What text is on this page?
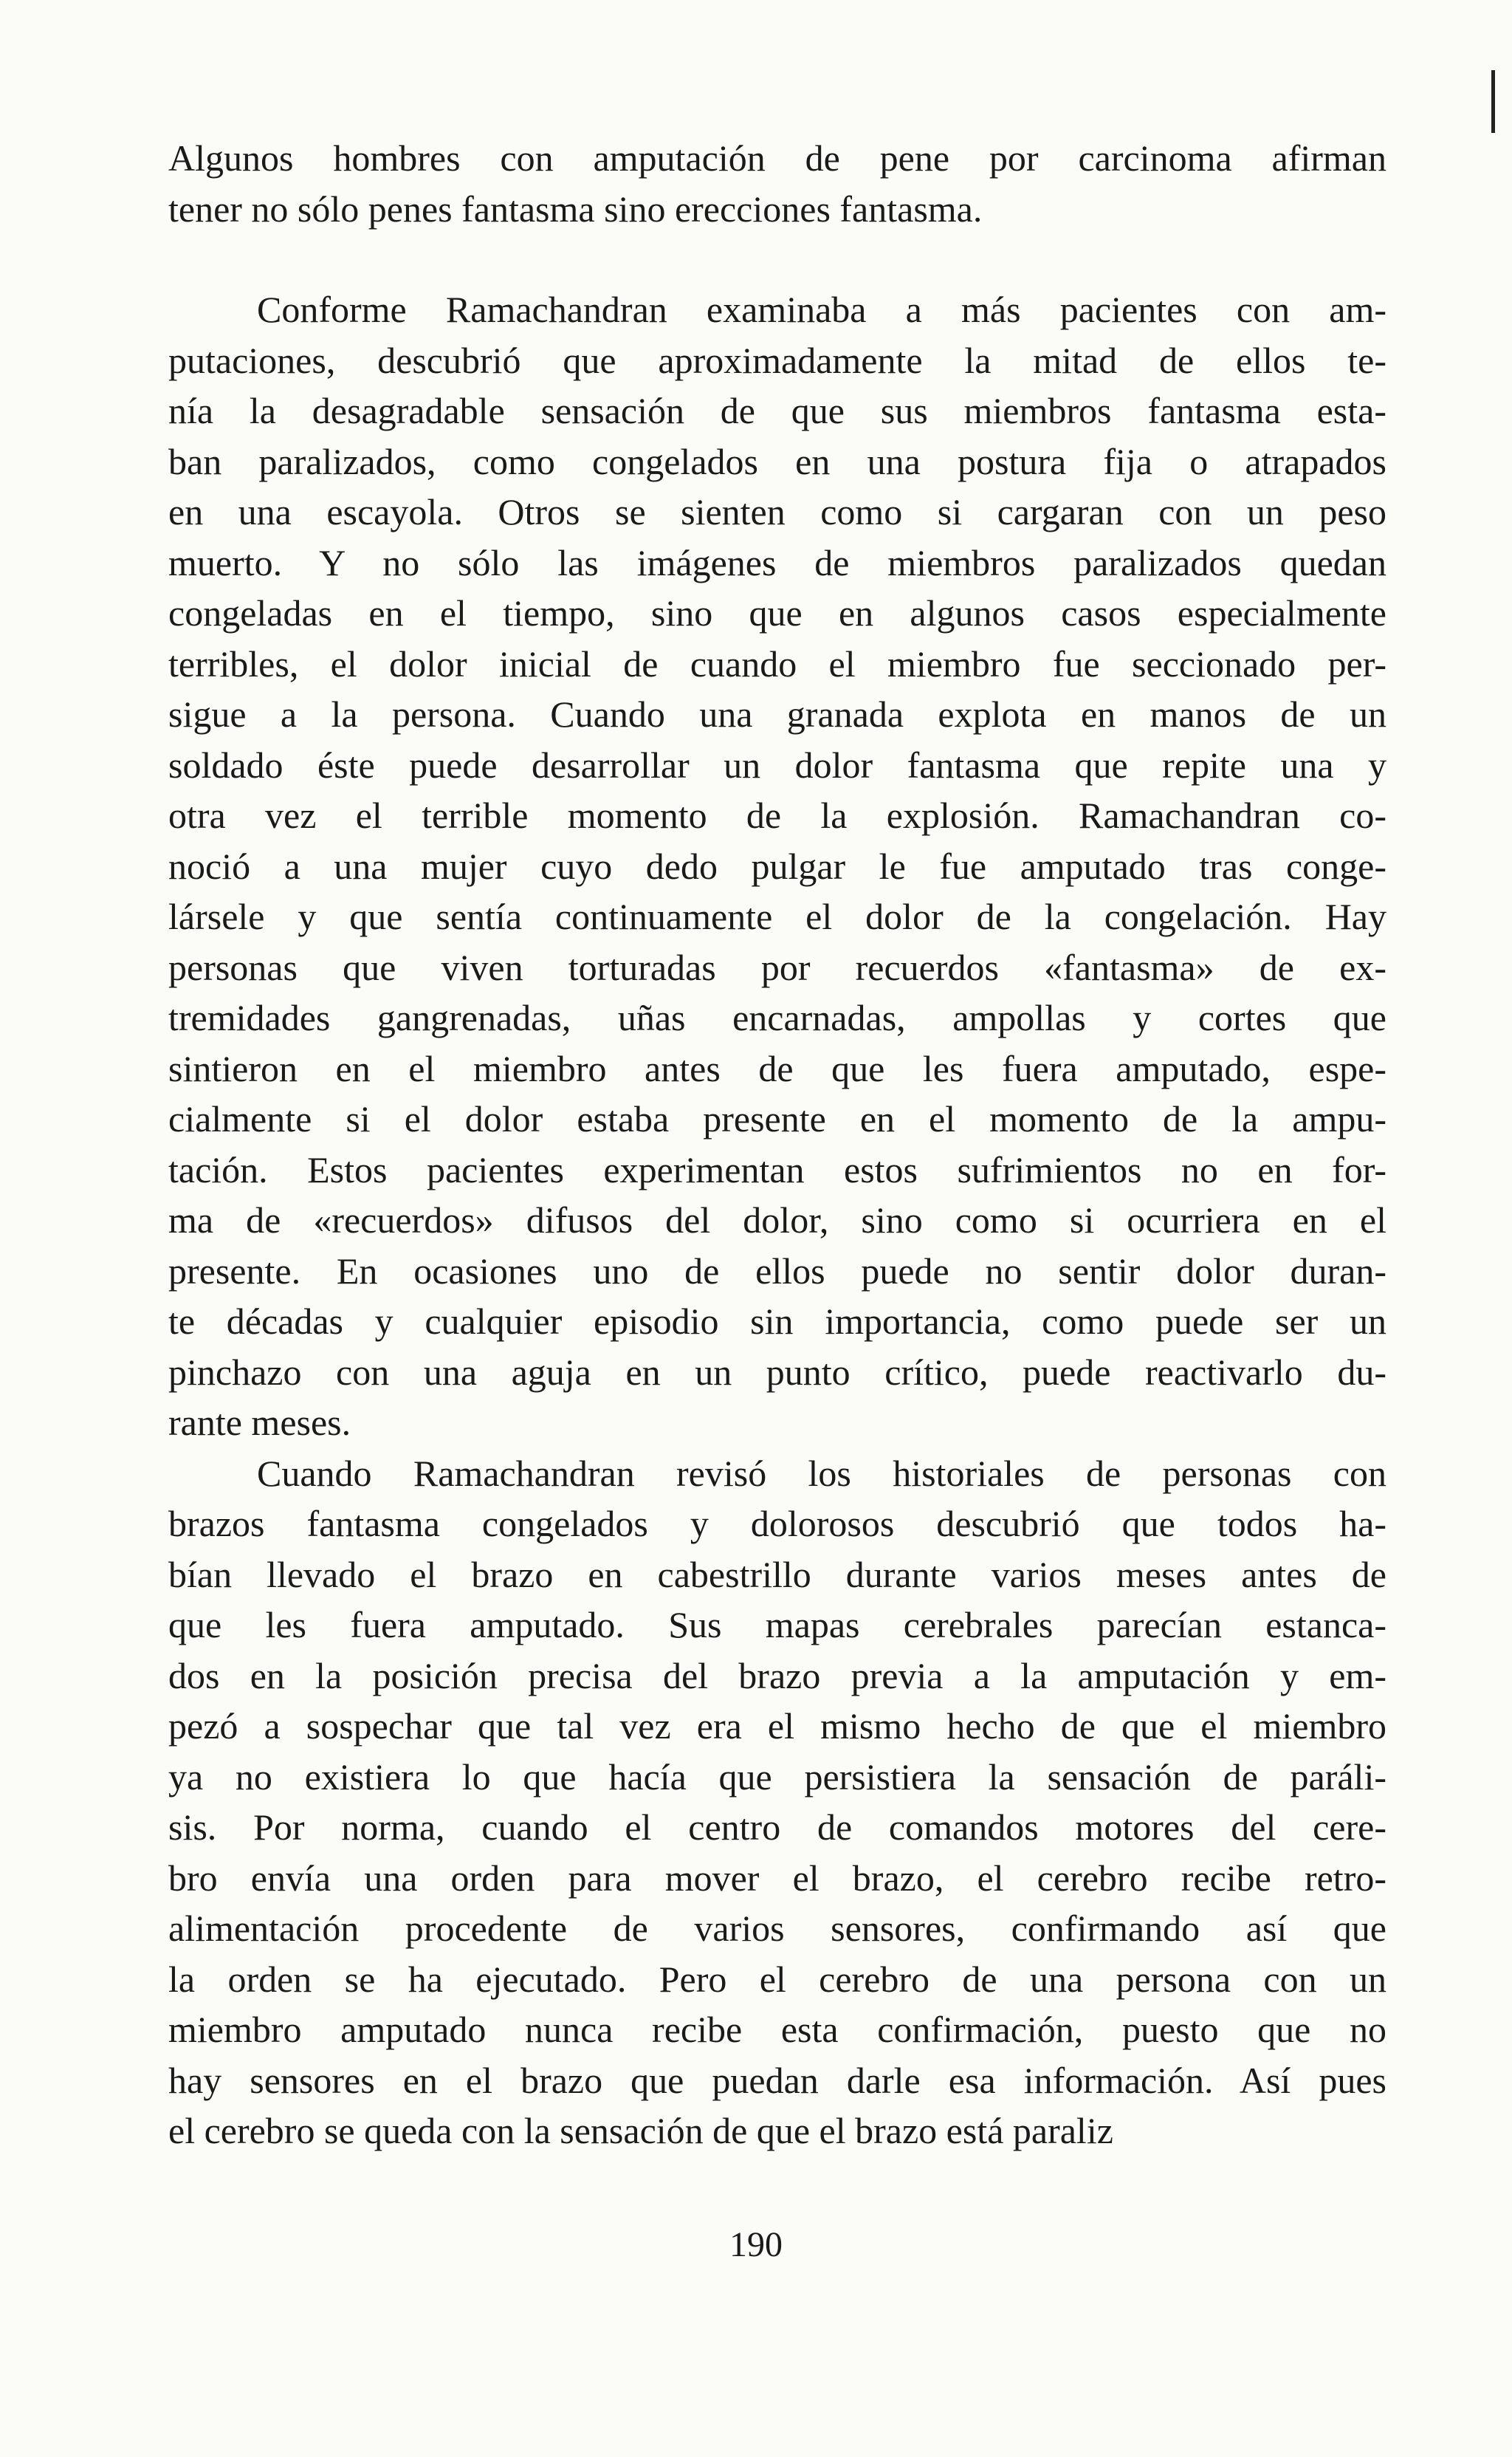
Algunos hombres con amputación de pene por carcinoma afirman
tener no sólo penes fantasma sino erecciones fantasma.
Conforme Ramachandran examinaba a más pacientes con am-
putaciones, descubrió que aproximadamente la mitad de ellos te-
nía la desagradable sensación de que sus miembros fantasma esta-
ban paralizados, como congelados en una postura fija o atrapados
en una escayola. Otros se sienten como si cargaran con un peso
muerto. Y no sólo las imágenes de miembros paralizados quedan
congeladas en el tiempo, sino que en algunos casos especialmente
terribles, el dolor inicial de cuando el miembro fue seccionado per-
sigue a la persona. Cuando una granada explota en manos de un
soldado éste puede desarrollar un dolor fantasma que repite una y
otra vez el terrible momento de la explosión. Ramachandran co-
noció a una mujer cuyo dedo pulgar le fue amputado tras conge-
lársele y que sentía continuamente el dolor de la congelación. Hay
personas que viven torturadas por recuerdos «fantasma» de ex-
tremidades gangrenadas, uñas encarnadas, ampollas y cortes que
sintieron en el miembro antes de que les fuera amputado, espe-
cialmente si el dolor estaba presente en el momento de la ampu-
tación. Estos pacientes experimentan estos sufrimientos no en for-
ma de «recuerdos» difusos del dolor, sino como si ocurriera en el
presente. En ocasiones uno de ellos puede no sentir dolor duran-
te décadas y cualquier episodio sin importancia, como puede ser un
pinchazo con una aguja en un punto crítico, puede reactivarlo du-
rante meses.
Cuando Ramachandran revisó los historiales de personas con
brazos fantasma congelados y dolorosos descubrió que todos ha-
bían llevado el brazo en cabestrillo durante varios meses antes de
que les fuera amputado. Sus mapas cerebrales parecían estanca-
dos en la posición precisa del brazo previa a la amputación y em-
pezó a sospechar que tal vez era el mismo hecho de que el miembro
ya no existiera lo que hacía que persistiera la sensación de paráli-
sis. Por norma, cuando el centro de comandos motores del cere-
bro envía una orden para mover el brazo, el cerebro recibe retro-
alimentación procedente de varios sensores, confirmando así que
la orden se ha ejecutado. Pero el cerebro de una persona con un
miembro amputado nunca recibe esta confirmación, puesto que no
hay sensores en el brazo que puedan darle esa información. Así pues
el cerebro se queda con la sensación de que el brazo está paraliz
190
